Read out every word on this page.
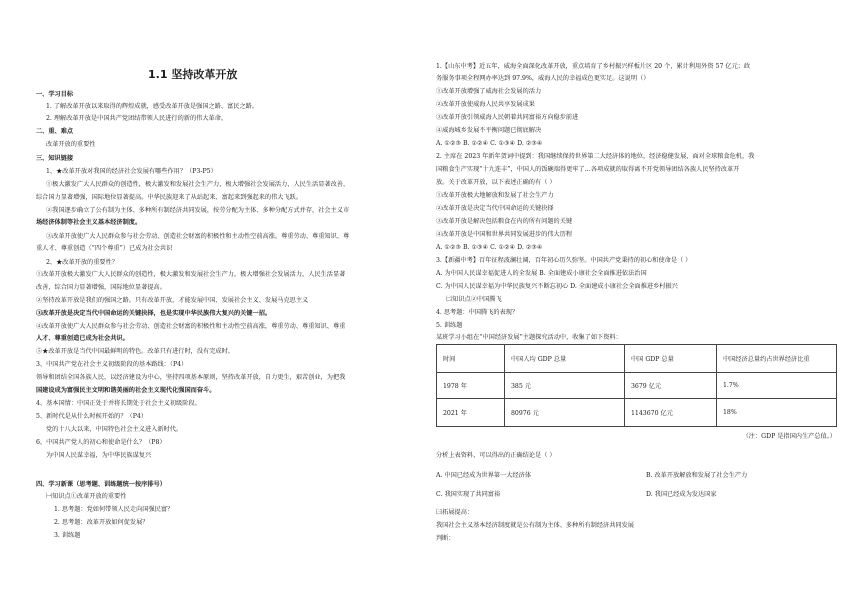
1.1 坚持改革开放
一、学习目标
1. 了解改革开放以来取得的辉煌成就，感受改革开放是强国之路、富民之路。
2. 理解改革开放是中国共产党团结带领人民进行的新的伟大革命。
二、重、难点
改革开放的重要性
三、知识链接
1、★改革开放对我国的经济社会发展有哪些作用？（P3-P5）
①极大激发广大人民群众的创造性，极大激发和发展社会生产力，极大增强社会发展活力，人民生活显著改善，
综合国力显著增强，国际地位显著提高。中华民族迎来了从站起来、富起来到强起来的伟大飞跃。
②我国逐步确立了公有制为主体、多种所有制经济共同发展，按劳分配为主体、多种分配方式并存，社会主义市
场经济体制等社会主义基本经济制度。
③改革开放使广大人民群众参与社会劳动、创造社会财富的积极性和主动性空前高涨。尊重劳动、尊重知识、尊
重人才、尊重创造（“四个尊重”）已成为社会共识
2、★改革开放的重要性？
①改革开放极大激发广大人民群众的创造性，极大激发和发展社会生产力，极大增强社会发展活力，人民生活显著
改善，综合国力显著增强，国际地位显著提高。
②坚持改革开放是我们的强国之路。只有改革开放，才能发展中国、发展社会主义、发展马克思主义
③改革开放是决定当代中国命运的关键抉择，也是实现中华民族伟大复兴的关键一招。
④改革开放使广大人民群众参与社会劳动、创造社会财富的积极性和主动性空前高涨，尊重劳动、尊重知识、尊重
人才、尊重创造已成为社会共识。
⑤★改革开放是当代中国最鲜明的特色。改革只有进行时，没有完成时。
3、中国共产党在社会主义初级阶段的基本路线：（P4）
领导和团结全国各族人民，以经济建设为中心，坚持四项基本原则，坚持改革开放，自力更生，艰苦创业，为把我
国建设成为富强民主文明和谐美丽的社会主义现代化强国而奋斗。
4、基本国情：中国正处于并将长期处于社会主义初级阶段。
5、新时代是从什么时候开始的？（P4）
党的十八大以来，中国特色社会主义进入新时代。
6、中国共产党人的初心和使命是什么？（P8）
为中国人民谋幸福，为中华民族谋复兴
四、学习新课（思考题、训练题统一按序排号）
㈠知识点①改革开放的重要性
1. 思考题：党如何带领人民走向国强民富？
2. 思考题：改革开放如何促发展？
3. 训练题
1.【山东中考】近五年，威海全面深化改革开放，重点培育了乡村振兴样板片区 20 个，累计利用外资 57 亿元；政
务服务事项全程网办率达到 97.9%，威海人民的幸福成色更实足。这说明（）
①改革开放增强了威海社会发展的活力
②改革开放使威海人民共享发展成果
③改革开放引领威海人民朝着共同富裕方向稳步前进
④威海城乡发展不平衡问题已彻底解决
A. ①②③ B. ①②④ C. ①③④ D. ②③④
2. 主席在 2023 年新年贺词中提到：我国继续保持世界第二大经济体的地位，经济稳健发展，面对全球粮食危机，我
国粮食生产实现“十九连丰”，中国人的饭碗端得更牢了…各项成就的取得离不开党领导团结各族人民坚持改革开
放。关于改革开放，以下表述正确的有（ ）
①改革开放极大地解放和发展了社会生产力
②改革开放是决定当代中国命运的关键抉择
③改革开放是解决包括粮食在内的所有问题的关键
④改革开放是中国和世界共同发展进步的伟大历程
A. ①②③ B. ①③④ C. ①②④ D. ②③④
3.【新疆中考】百年征程波澜壮阔，百年初心历久弥坚。中国共产党秉持的初心和使命是（ ）
A. 为中国人民谋幸福促进人的全发展 B. 全面建成小康社会全面推进依法治国
C. 为中国人民谋幸福为中华民族复兴不断忘初心 D. 全面建成小康社会全面推进乡村振兴
㈡知识点②中国腾飞
4. 思考题：中国腾飞的表现？
5. 训练题
某班学习小组在“中国经济发展”主题探究活动中，收集了如下资料：
时间	中国人均 GDP 总量	中国 GDP 总量	中国经济总量约占世界经济比重
1978 年	385 元	3679 亿元	1.7%
2021 年	80976 元	1143670 亿元	18%
（注：GDP 是指国内生产总值。）
分析上表资料，可以得出的正确结论是（ ）
A. 中国已经成为世界第一大经济体	B. 改革开放解放和发展了社会生产力
C. 我国实现了共同富裕	D. 我国已经成为发达国家
㈢拓展提高：
我国社会主义基本经济制度就是公有制为主体、多种所有制经济共同发展
判断：
